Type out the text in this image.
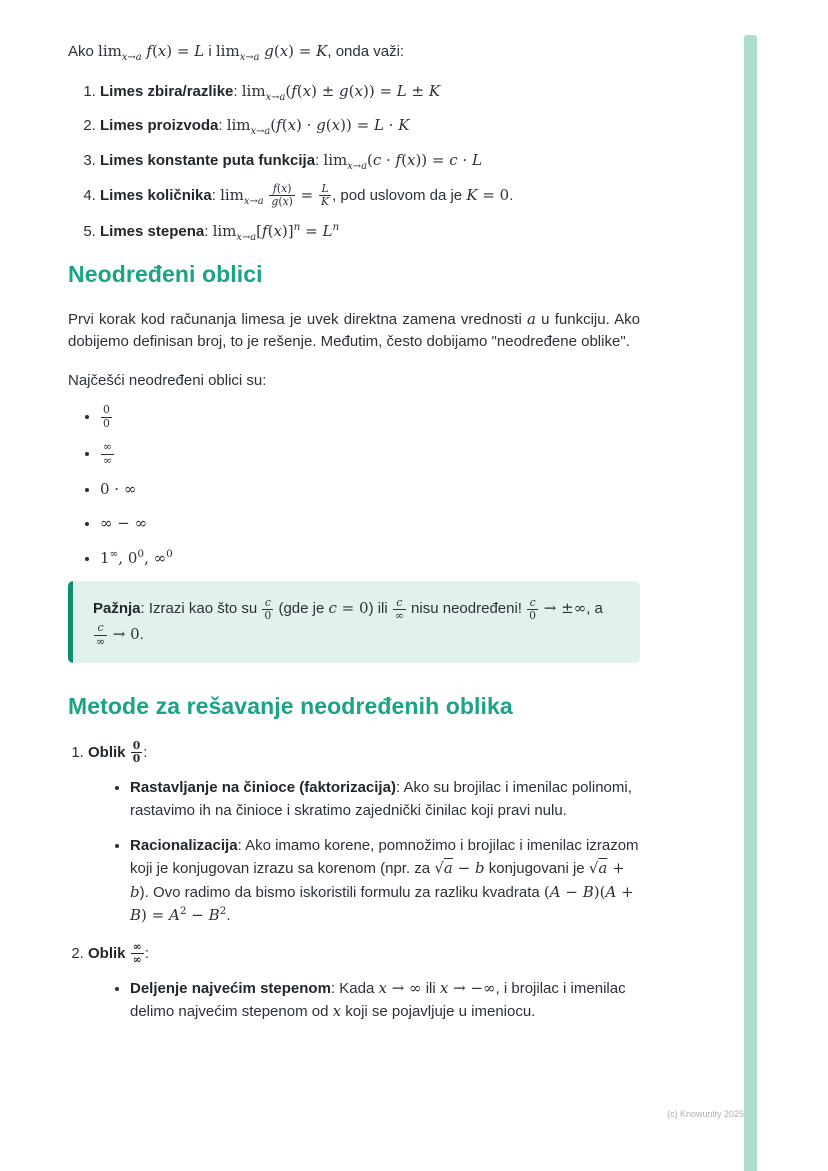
Ako $\lim_{x\to a} f(x) = L$ i $\lim_{x\to a} g(x) = K$, onda važi:

1. Limes zbira/razlike: $\lim_{x\to a}(f(x) \pm g(x)) = L \pm K$
2. Limes proizvoda: $\lim_{x\to a}(f(x) \cdot g(x)) = L \cdot K$
3. Limes konstante puta funkcija: $\lim_{x\to a}(c \cdot f(x)) = c \cdot L$
4. Limes količnika: $\lim_{x\to a} \frac{f(x)}{g(x)} = \frac{L}{K}$ , pod uslovom da je K = 0.
5. Limes stepena: $\lim_{x\to a}[f(x)]^n = L^n$
Neodređeni oblici

Prvi korak kod računanja limesa je uvek direktna zamena vrednosti a u funkciju. Ako dobijemo definisan broj, to je rešenje. Međutim, često dobijamo "neodređene oblike".

Najčešći neodređeni oblici su:

• $\frac{0}{0}$
• ∞
∞
• 0 · ∞
• ∞ − ∞
• 1∞, $0^0$, ∞$^0$

Pažnja: Izrazi kao što su $\frac{c}{0} (gde$ je c = 0) ili c
∞ nisu neodređeni! $\frac{c}{0}$ → ±∞, a
c
∞ → 0.

Metode za rešavanje neodređenih oblika
1. Oblik $\frac{0}{0}$ :
• Rastavljanje na činioce (faktorizacija): Ako su brojilac i imenilac polinomi, rastavimo ih na činioce i skratimo zajednički činilac koji pravi nulu.
• Racionalizacija: Ako imamo korene, pomnožimo i brojilac i imenilac izrazom koji je konjugovan izrazu sa korenom (npr. za √a − b konjugovani je √a + b). Ovo radimo da bismo iskoristili formulu za razliku kvadrata $(A - B)(A + B) = A^2 - B^2$.
2. Oblik ∞
∞ :
• Deljenje najvećim stepenom: Kada x → ∞ ili x → −∞, i brojilac i imenilac delimo najvećim stepenom od x koji se pojavljuje u imeniocu.
(c) Knowunity 2025
